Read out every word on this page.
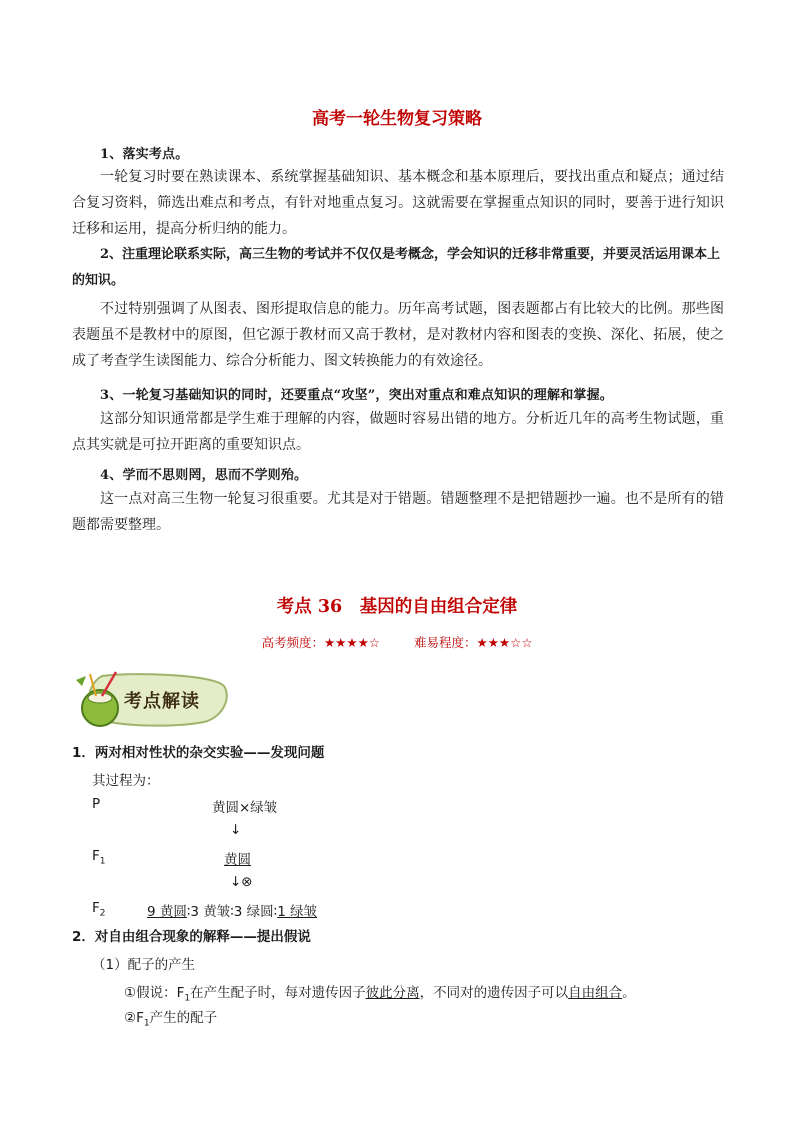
高考一轮生物复习策略
1、落实考点。

一轮复习时要在熟读课本、系统掌握基础知识、基本概念和基本原理后，要找出重点和疑点；通过结合复习资料，筛选出难点和考点，有针对地重点复习。这就需要在掌握重点知识的同时，要善于进行知识迁移和运用，提高分析归纳的能力。

2、注重理论联系实际，高三生物的考试并不仅仅是考概念，学会知识的迁移非常重要，并要灵活运用课本上的知识。

不过特别强调了从图表、图形提取信息的能力。历年高考试题，图表题都占有比较大的比例。那些图表题虽不是教材中的原图，但它源于教材而又高于教材，是对教材内容和图表的变换、深化、拓展，使之成了考查学生读图能力、综合分析能力、图文转换能力的有效途径。

3、一轮复习基础知识的同时，还要重点“攻坚”，突出对重点和难点知识的理解和掌握。

这部分知识通常都是学生难于理解的内容，做题时容易出错的地方。分析近几年的高考生物试题，重点其实就是可拉开距离的重要知识点。

4、学而不思则罔，思而不学则殆。

这一点对高三生物一轮复习很重要。尤其是对于错题。错题整理不是把错题抄一遍。也不是所有的错题都需要整理。

考点 36　基因的自由组合定律
高考频度：★★★★☆	难易程度：★★★☆☆
考点解读
1．两对相对性状的杂交实验——发现问题
其过程为：
P	黄圆×绿皱
↓
$F_1$	黄圆
↓⊗
$F_2$	9 黄圆∶3 黄皱∶3 绿圆∶1 绿皱
2．对自由组合现象的解释——提出假说
（1）配子的产生
①假说：$F_1$在产生配子时，每对遗传因子彼此分离，不同对的遗传因子可以自由组合。
$②F_1$产生的配子
